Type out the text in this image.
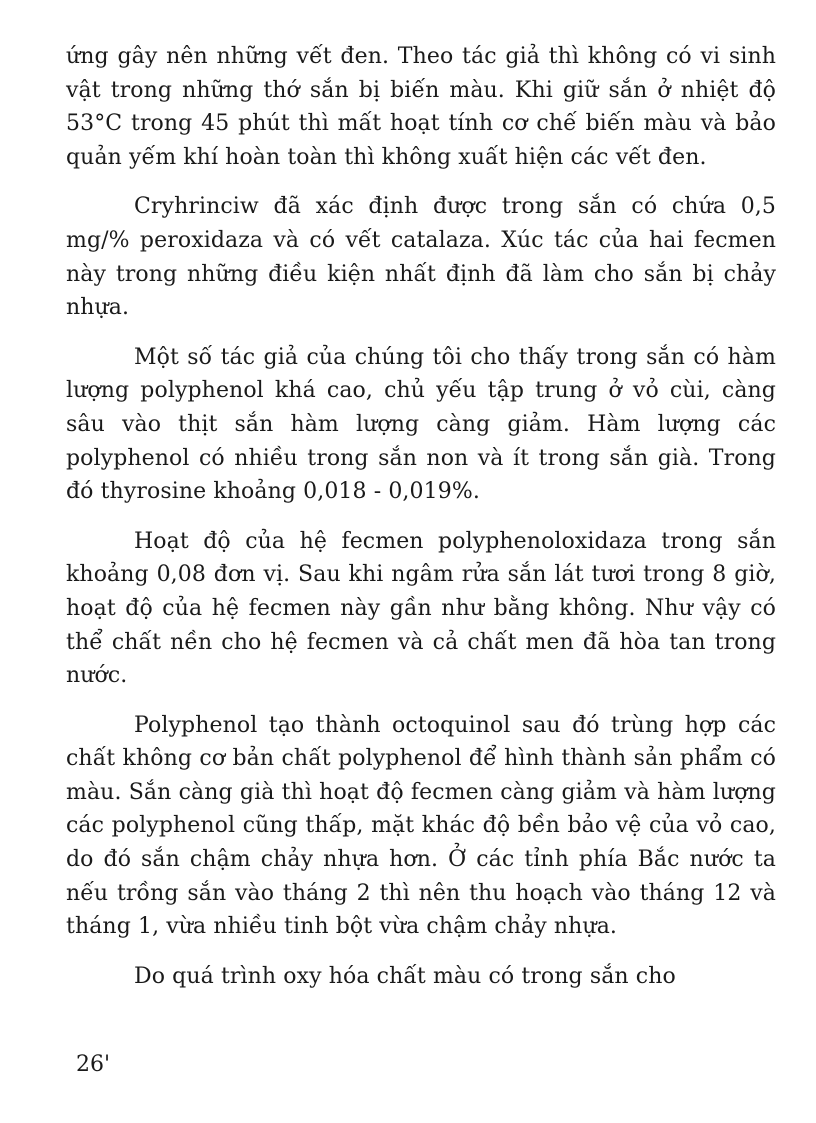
ứng gây nên những vết đen. Theo tác giả thì không có vi sinh vật trong những thớ sắn bị biến màu. Khi giữ sắn ở nhiệt độ 53°C trong 45 phút thì mất hoạt tính cơ chế biến màu và bảo quản yếm khí hoàn toàn thì không xuất hiện các vết đen.

Cryhrinciw đã xác định được trong sắn có chứa 0,5 mg/% peroxidaza và có vết catalaza. Xúc tác của hai fecmen này trong những điều kiện nhất định đã làm cho sắn bị chảy nhựa.

Một số tác giả của chúng tôi cho thấy trong sắn có hàm lượng polyphenol khá cao, chủ yếu tập trung ở vỏ cùi, càng sâu vào thịt sắn hàm lượng càng giảm. Hàm lượng các polyphenol có nhiều trong sắn non và ít trong sắn già. Trong đó thyrosine khoảng 0,018 - 0,019%.

Hoạt độ của hệ fecmen polyphenoloxidaza trong sắn khoảng 0,08 đơn vị. Sau khi ngâm rửa sắn lát tươi trong 8 giờ, hoạt độ của hệ fecmen này gần như bằng không. Như vậy có thể chất nền cho hệ fecmen và cả chất men đã hòa tan trong nước.

Polyphenol tạo thành octoquinol sau đó trùng hợp các chất không cơ bản chất polyphenol để hình thành sản phẩm có màu. Sắn càng già thì hoạt độ fecmen càng giảm và hàm lượng các polyphenol cũng thấp, mặt khác độ bền bảo vệ của vỏ cao, do đó sắn chậm chảy nhựa hơn. Ở các tỉnh phía Bắc nước ta nếu trồng sắn vào tháng 2 thì nên thu hoạch vào tháng 12 và tháng 1, vừa nhiều tinh bột vừa chậm chảy nhựa.

Do quá trình oxy hóa chất màu có trong sắn cho

26'
